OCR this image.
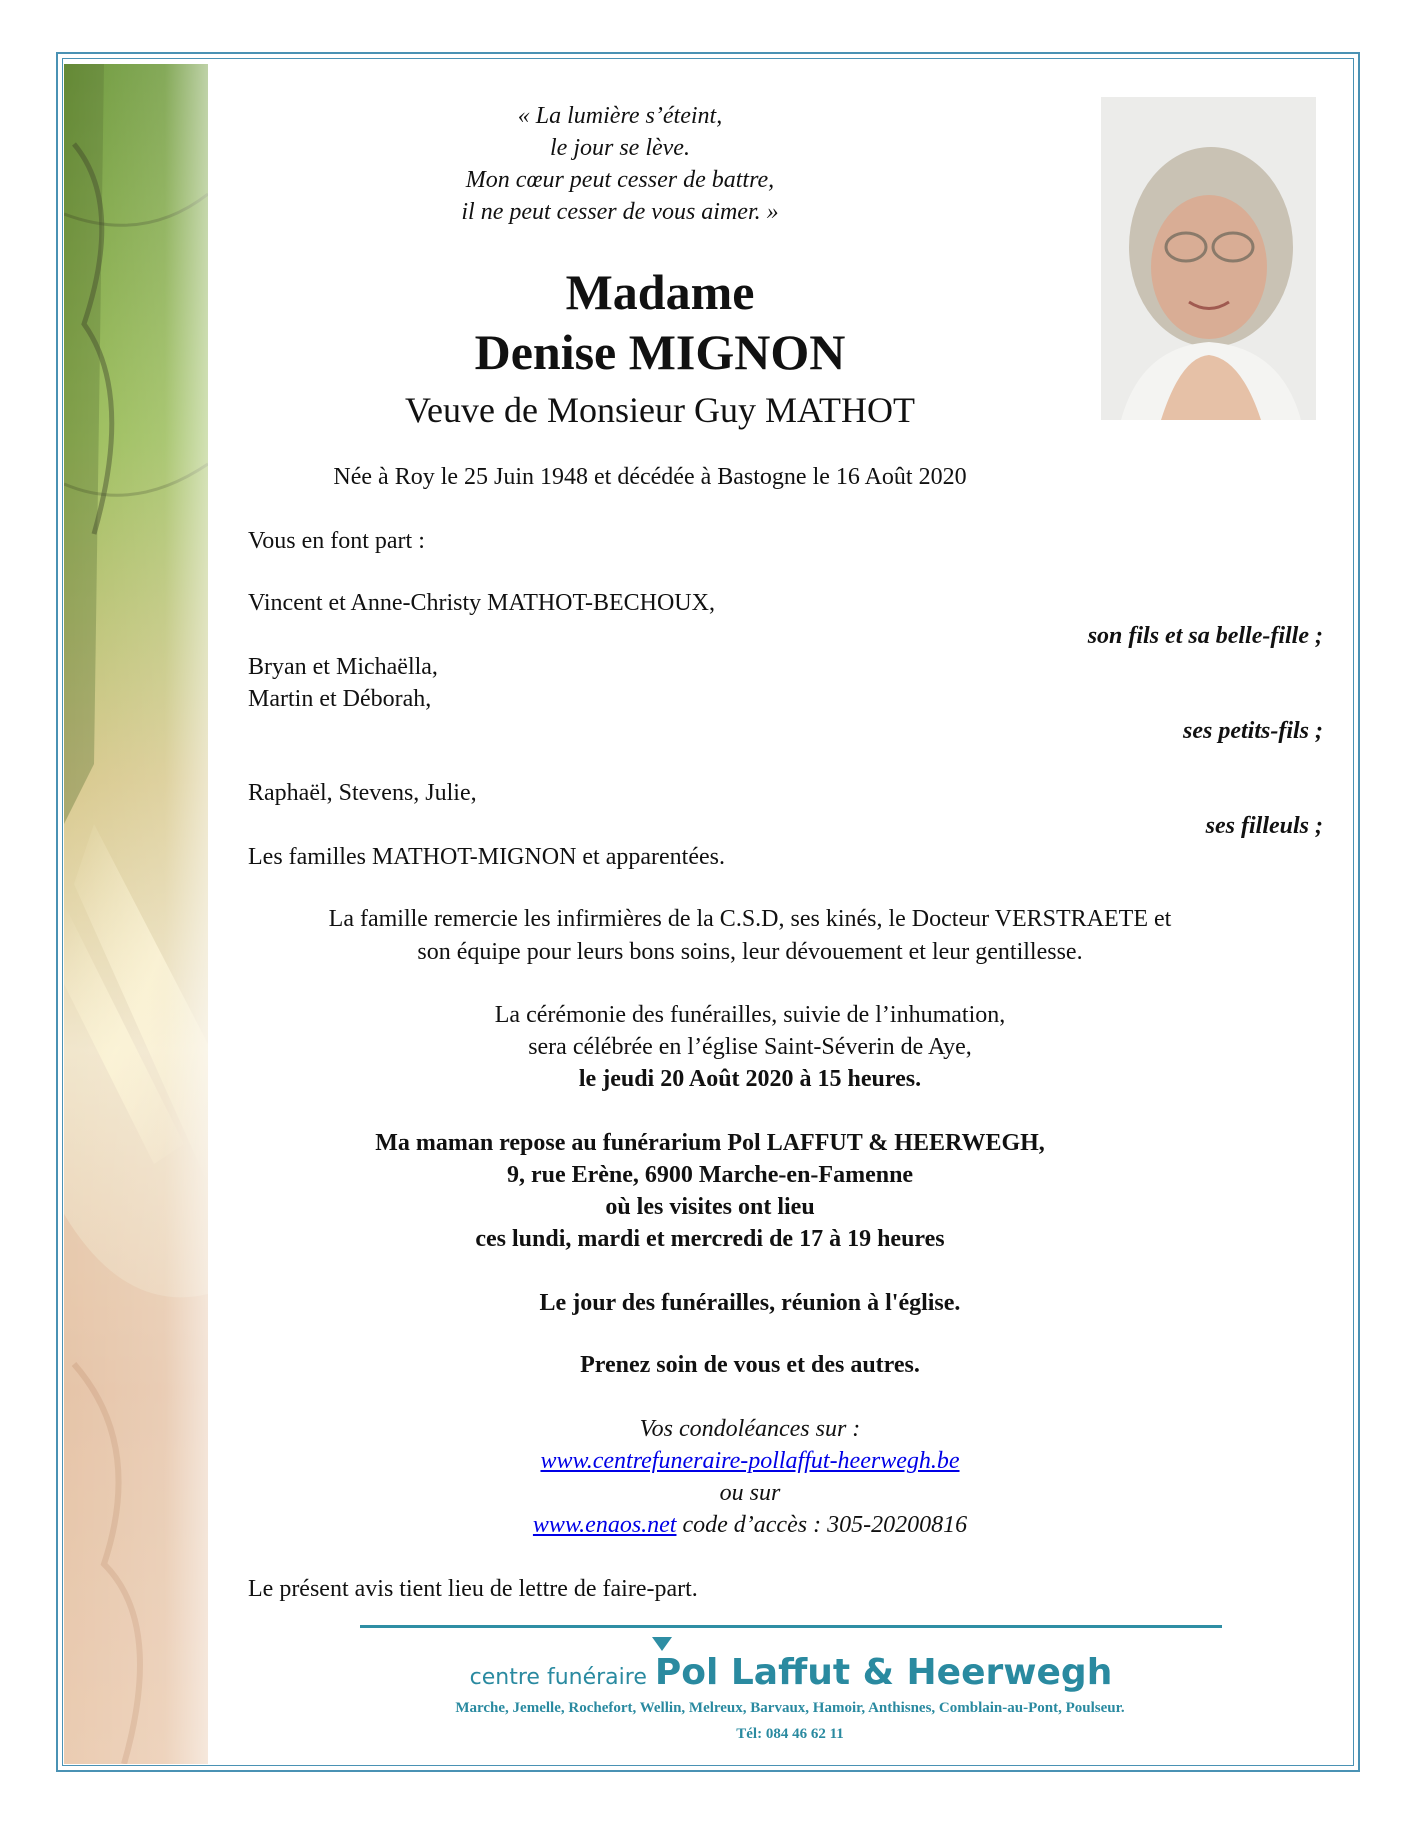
« La lumière s’éteint,
le jour se lève.
Mon cœur peut cesser de battre,
il ne peut cesser de vous aimer. »
Madame
Denise MIGNON
Veuve de Monsieur Guy MATHOT
Née à Roy le 25 Juin 1948 et décédée à Bastogne le 16 Août 2020
Vous en font part :
Vincent et Anne-Christy MATHOT-BECHOUX,
son fils et sa belle-fille ;
Bryan et Michaëlla,
Martin et Déborah,
ses petits-fils ;
Raphaël, Stevens, Julie,
ses filleuls ;
Les familles MATHOT-MIGNON et apparentées.
La famille remercie les infirmières de la C.S.D, ses kinés, le Docteur VERSTRAETE et
son équipe pour leurs bons soins, leur dévouement et leur gentillesse.
La cérémonie des funérailles, suivie de l’inhumation,
sera célébrée en l’église Saint-Séverin de Aye,
le jeudi 20 Août 2020 à 15 heures.
Ma maman repose au funérarium Pol LAFFUT & HEERWEGH,
9, rue Erène, 6900 Marche-en-Famenne
où les visites ont lieu
ces lundi, mardi et mercredi de 17 à 19 heures
Le jour des funérailles, réunion à l'église.
Prenez soin de vous et des autres.
Vos condoléances sur :
www.centrefuneraire-pollaffut-heerwegh.be
ou sur
www.enaos.net code d’accès : 305-20200816
Le présent avis tient lieu de lettre de faire-part.
centre funéraire Pol Laffut & Heerwegh
Marche, Jemelle, Rochefort, Wellin, Melreux, Barvaux, Hamoir, Anthisnes, Comblain-au-Pont, Poulseur.
Tél: 084 46 62 11
